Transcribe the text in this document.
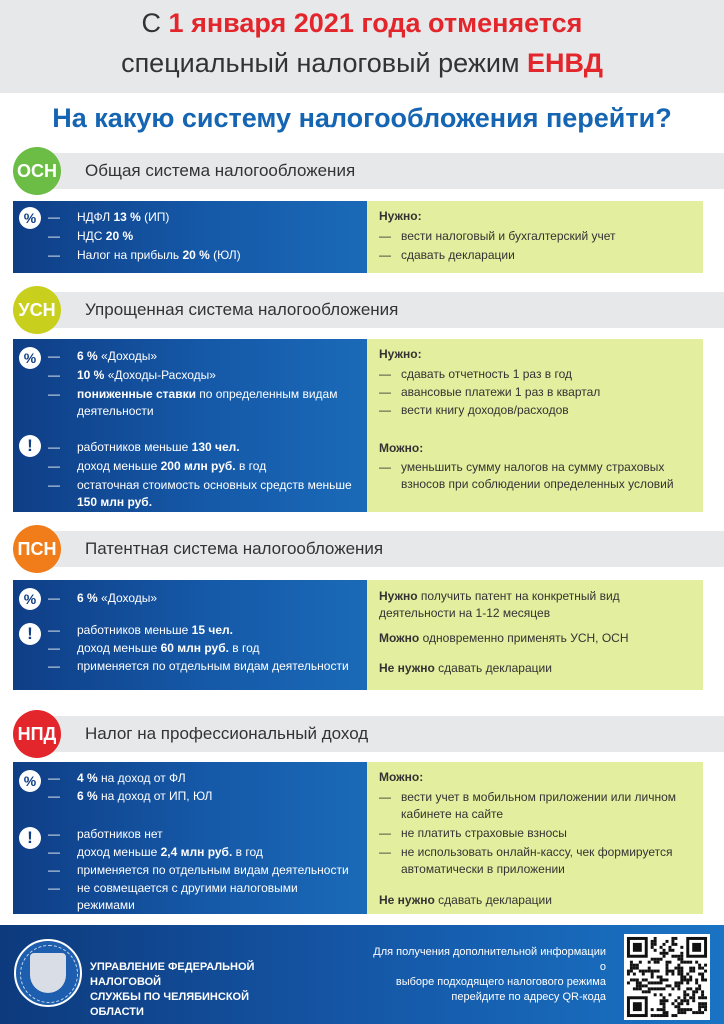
С 1 января 2021 года отменяется
специальный налоговый режим ЕНВД
На какую систему налогообложения перейти?
ОСН Общая система налогообложения
% —	НДФЛ 13 % (ИП)
—	НДС 20 %
—	Налог на прибыль 20 % (ЮЛ)
Нужно:
— вести налоговый и бухгалтерский учет
— сдавать декларации
УСН	Упрощенная система налогообложения
%
!
—	6 % «Доходы»
—	10 % «Доходы-Расходы»
—	пониженные ставки по определенным видам деятельности
—	работников меньше 130 чел.
—	доход меньше 200 млн руб. в год
—	остаточная стоимость основных средств меньше 150 млн руб.
Нужно:
Можно:
— сдавать отчетность 1 раз в год
— авансовые платежи 1 раз в квартал
— вести книгу доходов/расходов
— уменьшить сумму налогов на сумму страховых взносов при соблюдении определенных условий
ПСН Патентная система налогообложения
%
!
—	6 % «Доходы»
—	работников меньше 15 чел.
—	доход меньше 60 млн руб. в год
—	применяется по отдельным видам деятельности
Нужно получить патент на конкретный вид деятельности на 1-12 месяцев
Можно одновременно применять УСН, ОСН
Не нужно сдавать декларации
НПД Налог на профессиональный доход
%
!
—	4 % на доход от ФЛ
—	6 % на доход от ИП, ЮЛ
—	работников нет
—	доход меньше 2,4 млн руб. в год
—	применяется по отдельным видам деятельности
—	не совмещается с другими налоговыми режимами
Можно:
— вести учет в мобильном приложении или личном кабинете на сайте
— не платить страховые взносы
— не использовать онлайн-кассу, чек формируется автоматически в приложении
Не нужно сдавать декларации
УПРАВЛЕНИЕ ФЕДЕРАЛЬНОЙ НАЛОГОВОЙ
СЛУЖБЫ ПО ЧЕЛЯБИНСКОЙ ОБЛАСТИ
Для получения дополнительной информации о
выборе подходящего налогового режима
перейдите по адресу QR-кода
